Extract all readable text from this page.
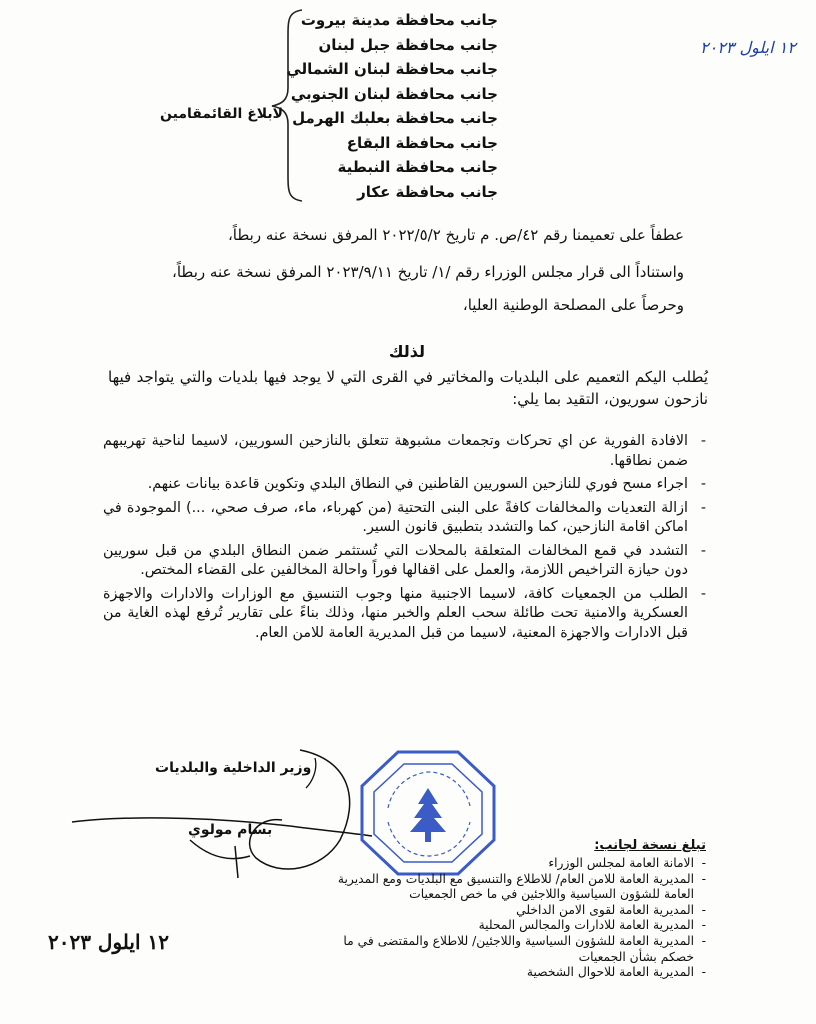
جانب محافظة مدينة بيروت
جانب محافظة جبل لبنان
جانب محافظة لبنان الشمالي
جانب محافظة لبنان الجنوبي
جانب محافظة بعلبك الهرمل
جانب محافظة البقاع
جانب محافظة النبطية
جانب محافظة عكار
لابلاغ القائمقامين
١٢ ايلول ٢٠٢٣
عطفاً على تعميمنا رقم ٤٢/ص. م تاريخ ٢٠٢٢/٥/٢ المرفق نسخة عنه ربطاً،
واستناداً الى قرار مجلس الوزراء رقم /١/ تاريخ ٢٠٢٣/٩/١١ المرفق نسخة عنه ربطاً،
وحرصاً على المصلحة الوطنية العليا،
لذلك
يُطلب اليكم التعميم على البلديات والمخاتير في القرى التي لا يوجد فيها بلديات والتي يتواجد فيها نازحون سوريون، التقيد بما يلي:
- الافادة الفورية عن اي تحركات وتجمعات مشبوهة تتعلق بالنازحين السوريين، لاسيما لناحية تهريبهم ضمن نطاقها.
- اجراء مسح فوري للنازحين السوريين القاطنين في النطاق البلدي وتكوين قاعدة بيانات عنهم.
- ازالة التعديات والمخالفات كافةً على البنى التحتية (من كهرباء، ماء، صرف صحي، ...) الموجودة في اماكن اقامة النازحين، كما والتشدد بتطبيق قانون السير.
- التشدد في قمع المخالفات المتعلقة بالمحلات التي تُستثمر ضمن النطاق البلدي من قبل سوريين دون حيازة التراخيص اللازمة، والعمل على اقفالها فوراً واحالة المخالفين على القضاء المختص.
- الطلب من الجمعيات كافة، لاسيما الاجنبية منها وجوب التنسيق مع الوزارات والادارات والاجهزة العسكرية والامنية تحت طائلة سحب العلم والخبر منها، وذلك بناءً على تقارير تُرفع لهذه الغاية من قبل الادارات والاجهزة المعنية، لاسيما من قبل المديرية العامة للامن العام.
وزير الداخلية والبلديات
بسام مولوي
تبلغ نسخة لجانب:
- الامانة العامة لمجلس الوزراء
- المديرية العامة للامن العام/ للاطلاع والتنسيق مع البلديات ومع المديرية العامة للشؤون السياسية واللاجئين في ما خص الجمعيات
- المديرية العامة لقوى الامن الداخلي
- المديرية العامة للادارات والمجالس المحلية
- المديرية العامة للشؤون السياسية واللاجئين/ للاطلاع والمقتضى في ما خصكم بشأن الجمعيات
- المديرية العامة للاحوال الشخصية
١٢ ايلول ٢٠٢٣
